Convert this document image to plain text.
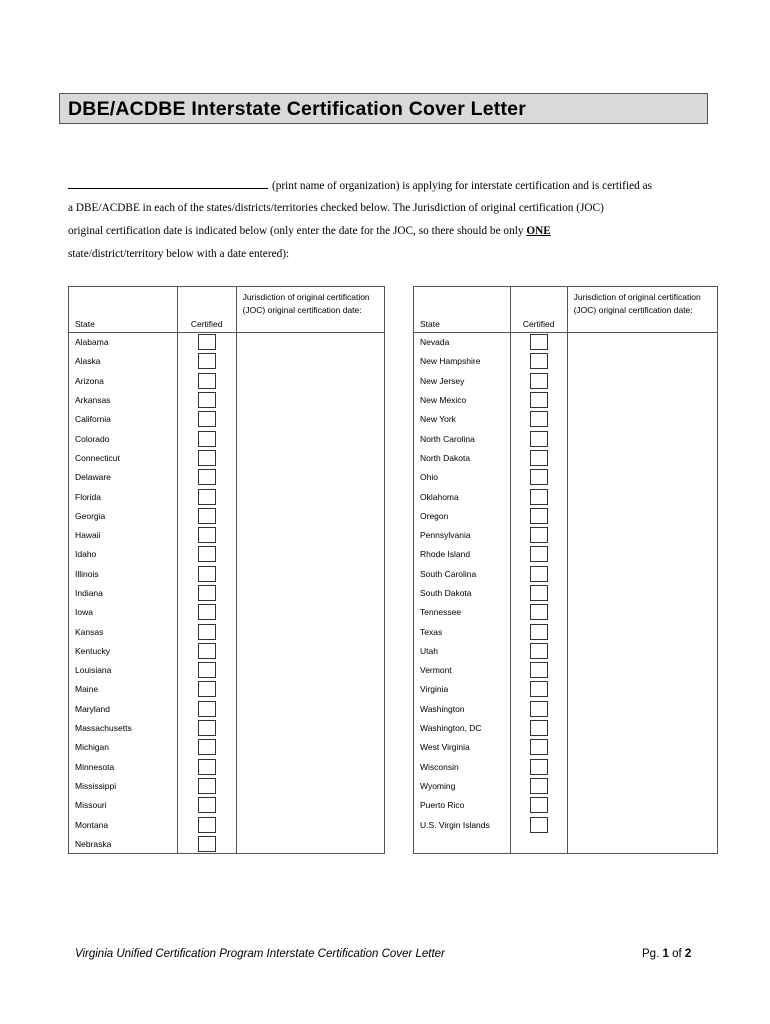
DBE/ACDBE Interstate Certification Cover Letter
(print name of organization) is applying for interstate certification and is certified as
a DBE/ACDBE in each of the states/districts/territories checked below. The Jurisdiction of original certification (JOC)
original certification date is indicated below (only enter the date for the JOC, so there should be only ONE
state/district/territory below with a date entered):
State	Certified	Jurisdiction of original certification (JOC) original certification date:
Alabama	

Alaska	

Arizona	

Arkansas	

California	

Colorado	

Connecticut	

Delaware	

Florida	

Georgia	

Hawaii	

Idaho	

Illinois	

Indiana	

Iowa	

Kansas	

Kentucky	

Louisiana	

Maine	

Maryland	

Massachusetts	

Michigan	

Minnesota	

Mississippi	

Missouri	

Montana	

Nebraska	

State	Certified	Jurisdiction of original certification (JOC) original certification date:
Nevada	

New Hampshire	

New Jersey	

New Mexico	

New York	

North Carolina	

North Dakota	

Ohio	

Oklahoma	

Oregon	

Pennsylvania	

Rhode Island	

South Carolina	

South Dakota	

Tennessee	

Texas	

Utah	

Vermont	

Virginia	

Washington	

Washington, DC	

West Virginia	

Wisconsin	

Wyoming	

Puerto Rico	

U.S. Virgin Islands	

Virginia Unified Certification Program Interstate Certification Cover Letter	Pg. 1 of 2
